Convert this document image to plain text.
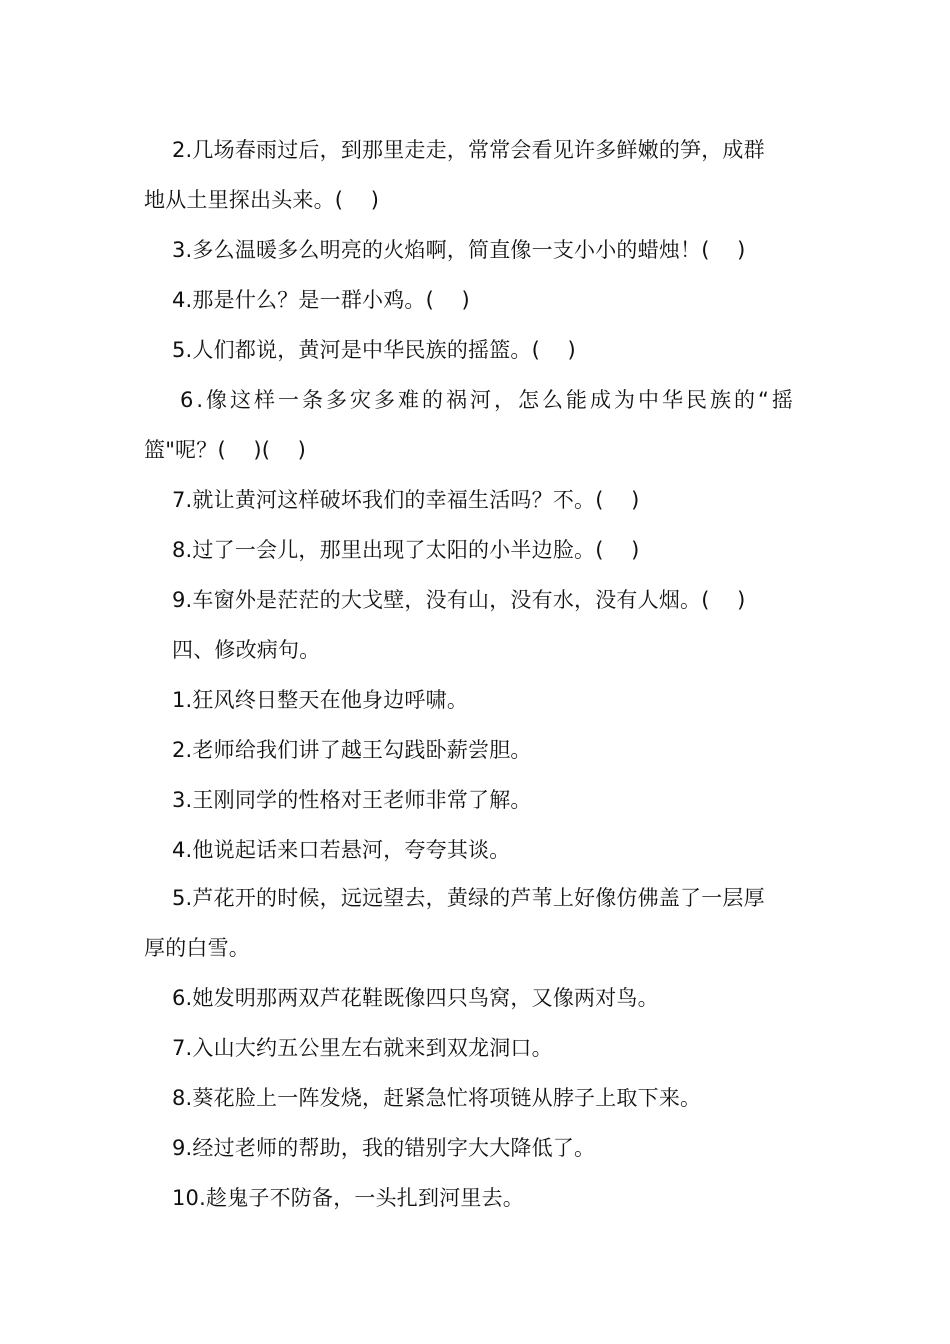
2.几场春雨过后，到那里走走，常常会看见许多鲜嫩的笋，成群
地从土里探出头来。(    )
3.多么温暖多么明亮的火焰啊，简直像一支小小的蜡烛！(    )
4.那是什么？是一群小鸡。(    )
5.人们都说，黄河是中华民族的摇篮。(    )
6.像这样一条多灾多难的祸河，怎么能成为中华民族的“摇
篮"呢？(    )(    )
7.就让黄河这样破坏我们的幸福生活吗？不。(    )
8.过了一会儿，那里出现了太阳的小半边脸。(    )
9.车窗外是茫茫的大戈壁，没有山，没有水，没有人烟。(    )
四、修改病句。
1.狂风终日整天在他身边呼啸。
2.老师给我们讲了越王勾践卧薪尝胆。
3.王刚同学的性格对王老师非常了解。
4.他说起话来口若悬河，夸夸其谈。
5.芦花开的时候，远远望去，黄绿的芦苇上好像仿佛盖了一层厚
厚的白雪。
6.她发明那两双芦花鞋既像四只鸟窝，又像两对鸟。
7.入山大约五公里左右就来到双龙洞口。
8.葵花脸上一阵发烧，赶紧急忙将项链从脖子上取下来。
9.经过老师的帮助，我的错别字大大降低了。
10.趁鬼子不防备，一头扎到河里去。
